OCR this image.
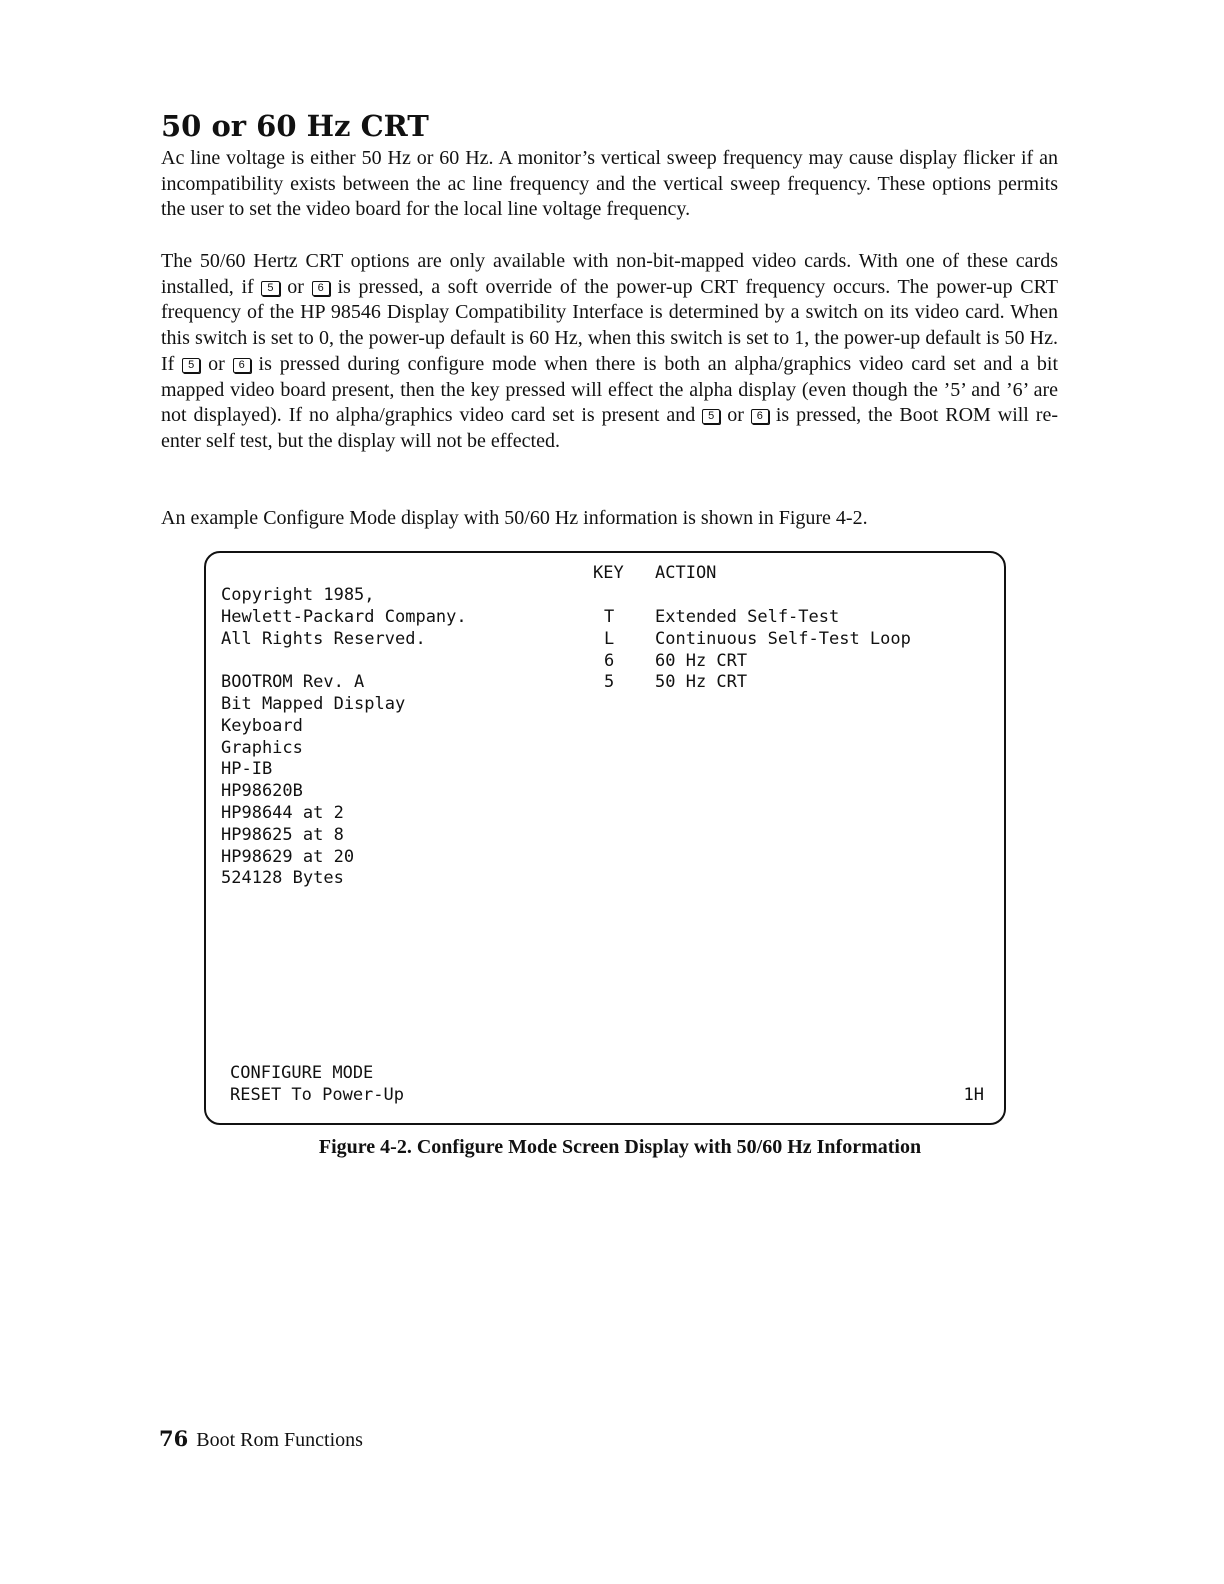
50 or 60 Hz CRT

Ac line voltage is either 50 Hz or 60 Hz. A monitor’s vertical sweep frequency may cause display flicker if an incompatibility exists between the ac line frequency and the vertical sweep frequency. These options permits the user to set the video board for the local line voltage frequency.

The 50/60 Hertz CRT options are only available with non-bit-mapped video cards. With one of these cards installed, if 5 or 6 is pressed, a soft override of the power-up CRT frequency occurs. The power-up CRT frequency of the HP 98546 Display Compatibility Interface is determined by a switch on its video card. When this switch is set to 0, the power-up default is 60 Hz, when this switch is set to 1, the power-up default is 50 Hz. If 5 or 6 is pressed during configure mode when there is both an alpha/graphics video card set and a bit mapped video board present, then the key pressed will effect the alpha display (even though the ’5’ and ’6’ are not displayed). If no alpha/graphics video card set is present and 5 or 6 is pressed, the Boot ROM will re-enter self test, but the display will not be effected.

An example Configure Mode display with 50/60 Hz information is shown in Figure 4-2.

KEY ACTION
Copyright 1985,
Hewlett-Packard Company.
All Rights Reserved.

BOOTROM Rev. A
Bit Mapped Display
Keyboard
Graphics
HP-IB
HP98620B
HP98644 at 2
HP98625 at 8
HP98629 at 20
524128 Bytes
T
L
6
5
Extended Self-Test
Continuous Self-Test Loop
60 Hz CRT
50 Hz CRT
CONFIGURE MODE
RESET To Power-Up	1H

Figure 4-2. Configure Mode Screen Display with 50/60 Hz Information

76 Boot Rom Functions
